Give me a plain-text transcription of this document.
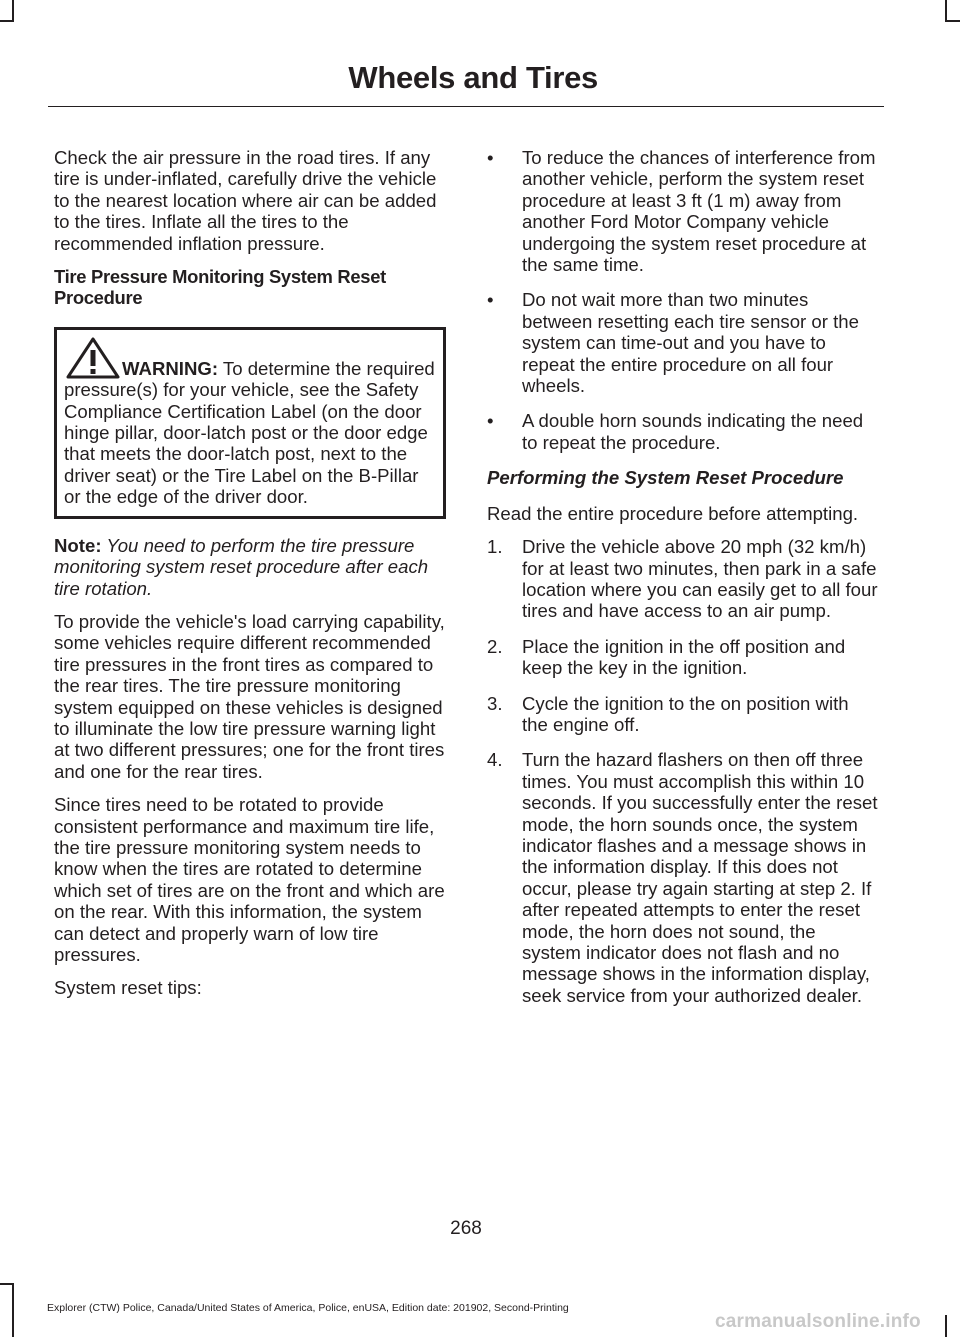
Wheels and Tires

Check the air pressure in the road tires. If any tire is under-inflated, carefully drive the vehicle to the nearest location where air can be added to the tires. Inflate all the tires to the recommended inflation pressure.

Tire Pressure Monitoring System Reset Procedure

WARNING: To determine the required pressure(s) for your vehicle, see the Safety Compliance Certification Label (on the door hinge pillar, door-latch post or the door edge that meets the door-latch post, next to the driver seat) or the Tire Label on the B-Pillar or the edge of the driver door.

Note: You need to perform the tire pressure monitoring system reset procedure after each tire rotation.

To provide the vehicle's load carrying capability, some vehicles require different recommended tire pressures in the front tires as compared to the rear tires. The tire pressure monitoring system equipped on these vehicles is designed to illuminate the low tire pressure warning light at two different pressures; one for the front tires and one for the rear tires.

Since tires need to be rotated to provide consistent performance and maximum tire life, the tire pressure monitoring system needs to know when the tires are rotated to determine which set of tires are on the front and which are on the rear. With this information, the system can detect and properly warn of low tire pressures.

System reset tips:

• To reduce the chances of interference from another vehicle, perform the system reset procedure at least 3 ft (1 m) away from another Ford Motor Company vehicle undergoing the system reset procedure at the same time.
• Do not wait more than two minutes between resetting each tire sensor or the system can time-out and you have to repeat the entire procedure on all four wheels.
• A double horn sounds indicating the need to repeat the procedure.

Performing the System Reset Procedure

Read the entire procedure before attempting.

1. Drive the vehicle above 20 mph (32 km/h) for at least two minutes, then park in a safe location where you can easily get to all four tires and have access to an air pump.
2. Place the ignition in the off position and keep the key in the ignition.
3. Cycle the ignition to the on position with the engine off.
4. Turn the hazard flashers on then off three times. You must accomplish this within 10 seconds. If you successfully enter the reset mode, the horn sounds once, the system indicator flashes and a message shows in the information display. If this does not occur, please try again starting at step 2. If after repeated attempts to enter the reset mode, the horn does not sound, the system indicator does not flash and no message shows in the information display, seek service from your authorized dealer.
268
Explorer (CTW) Police, Canada/United States of America, Police, enUSA, Edition date: 201902, Second-Printing
carmanualsonline.info
